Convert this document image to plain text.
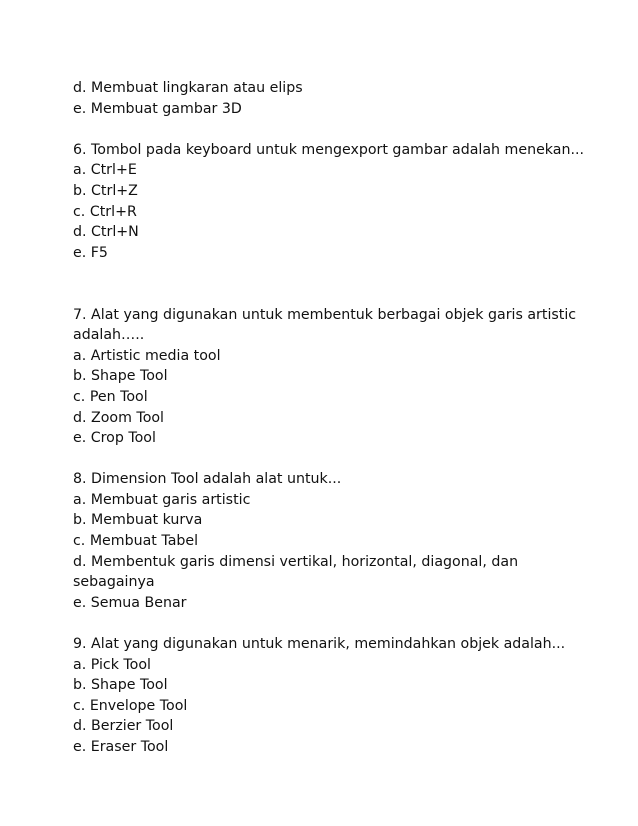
d. Membuat lingkaran atau elips
e. Membuat gambar 3D
6. Tombol pada keyboard untuk mengexport gambar adalah menekan...
a. Ctrl+E
b. Ctrl+Z
c. Ctrl+R
d. Ctrl+N
e. F5
7. Alat yang digunakan untuk membentuk berbagai objek garis artistic
adalah…..
a. Artistic media tool
b. Shape Tool
c. Pen Tool
d. Zoom Tool
e. Crop Tool
8. Dimension Tool adalah alat untuk...
a. Membuat garis artistic
b. Membuat kurva
c. Membuat Tabel
d. Membentuk garis dimensi vertikal, horizontal, diagonal, dan
sebagainya
e. Semua Benar
9. Alat yang digunakan untuk menarik, memindahkan objek adalah...
a. Pick Tool
b. Shape Tool
c. Envelope Tool
d. Berzier Tool
e. Eraser Tool
